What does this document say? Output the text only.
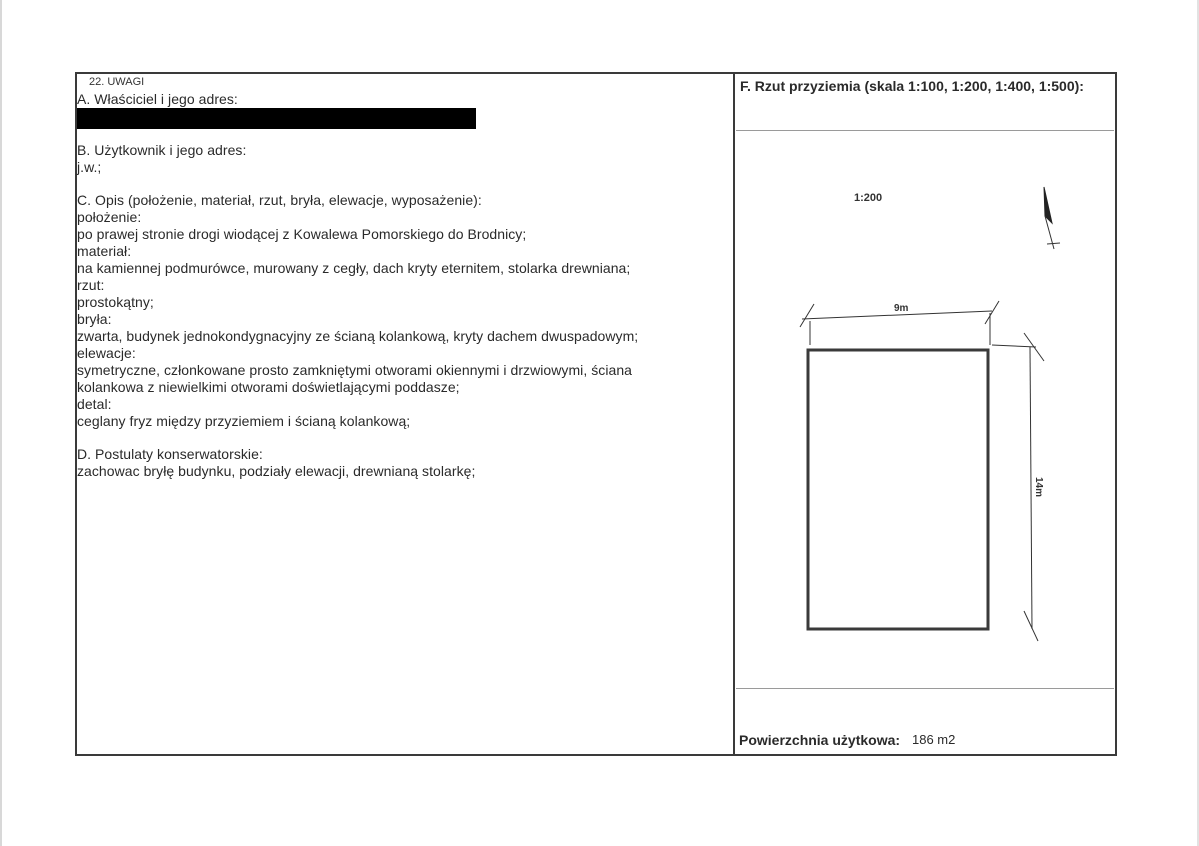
22. UWAGI
A. Właściciel i jego adres:
B. Użytkownik i jego adres:
j.w.;
C. Opis (położenie, materiał, rzut, bryła, elewacje, wyposażenie):
położenie:
po prawej stronie drogi wiodącej z Kowalewa Pomorskiego do Brodnicy;
materiał:
na kamiennej podmurówce, murowany z cegły, dach kryty eternitem, stolarka drewniana;
rzut:
prostokątny;
bryła:
zwarta, budynek jednokondygnacyjny ze ścianą kolankową, kryty dachem dwuspadowym;
elewacje:
symetryczne, członkowane prosto zamkniętymi otworami okiennymi i drzwiowymi, ściana
kolankowa z niewielkimi otworami doświetlającymi poddasze;
detal:
ceglany fryz między przyziemiem i ścianą kolankową;
D. Postulaty konserwatorskie:
zachowac bryłę budynku, podziały elewacji, drewnianą stolarkę;
F. Rzut przyziemia (skala 1:100, 1:200, 1:400, 1:500):
1:200
9m
14m
Powierzchnia użytkowa: 186 m2
